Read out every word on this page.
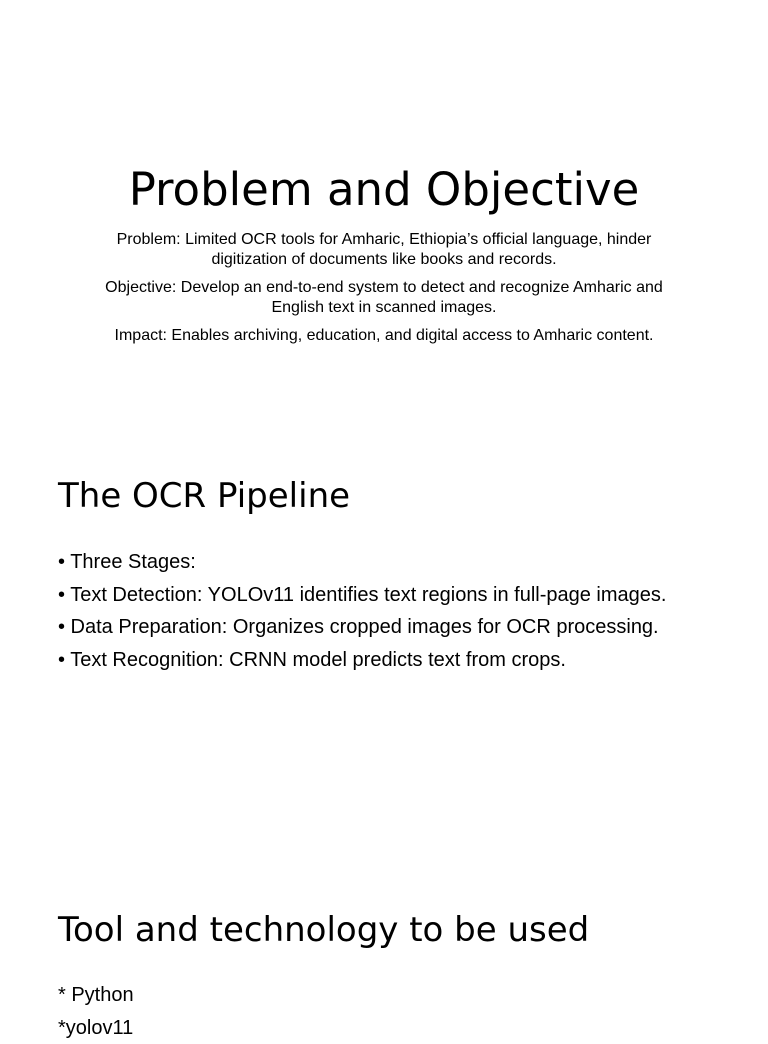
Problem and Objective

Problem: Limited OCR tools for Amharic, Ethiopia’s official language, hinder digitization of documents like books and records.

Objective: Develop an end-to-end system to detect and recognize Amharic and English text in scanned images.

Impact: Enables archiving, education, and digital access to Amharic content.

The OCR Pipeline
• Three Stages:
• Text Detection: YOLOv11 identifies text regions in full-page images.
• Data Preparation: Organizes cropped images for OCR processing.
• Text Recognition: CRNN model predicts text from crops.
Tool and technology to be used
* Python
*yolov11
